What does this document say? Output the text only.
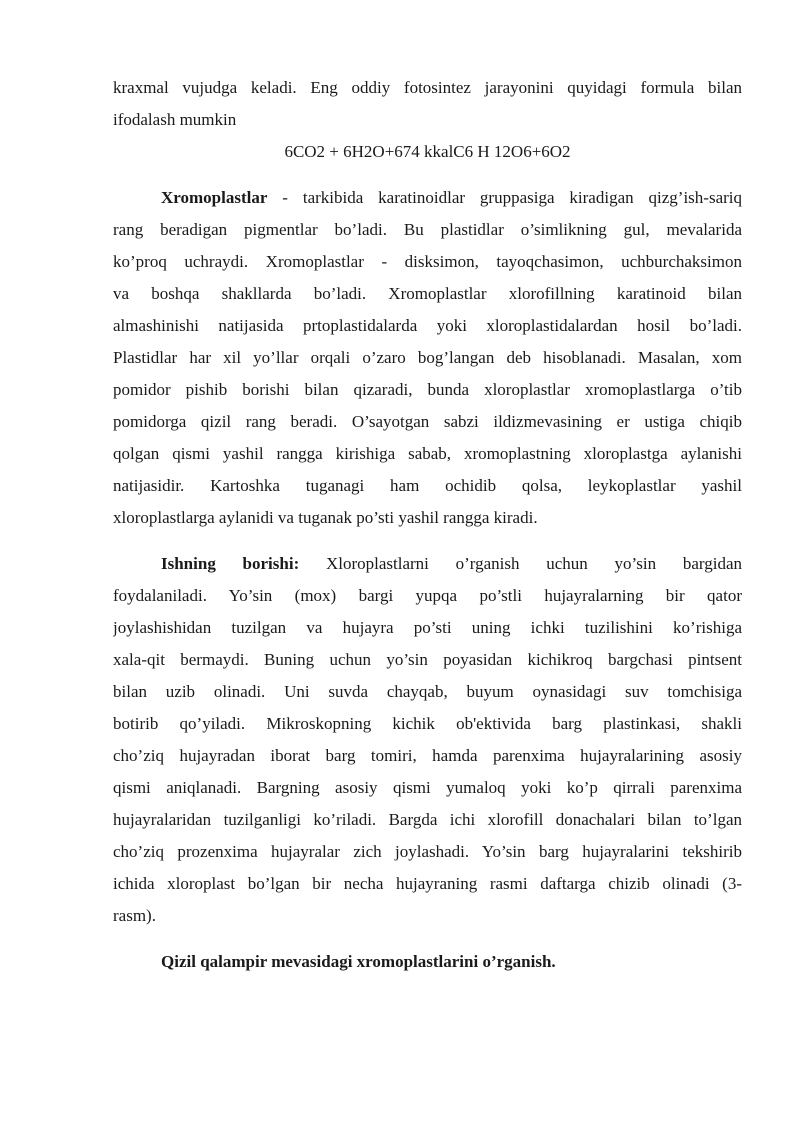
kraxmal vujudga keladi. Eng oddiy fotosintez jarayonini quyidagi formula bilan
ifodalash mumkin
6CO2 + 6H2O+674 kkalC6 H 12O6+6O2
Xromoplastlar - tarkibida karatinoidlar gruppasiga kiradigan qizg’ish-sariq
rang beradigan pigmentlar bo’ladi. Bu plastidlar o’simlikning gul, mevalarida
ko’proq uchraydi. Xromoplastlar - disksimon, tayoqchasimon, uchburchaksimon
va boshqa shakllarda bo’ladi. Xromoplastlar xlorofillning karatinoid bilan
almashinishi natijasida prtoplastidalarda yoki xloroplastidalardan hosil bo’ladi.
Plastidlar har xil yo’llar orqali o’zaro bog’langan deb hisoblanadi. Masalan, xom
pomidor pishib borishi bilan qizaradi, bunda xloroplastlar xromoplastlarga o’tib
pomidorga qizil rang beradi. O’sayotgan sabzi ildizmevasining er ustiga chiqib
qolgan qismi yashil rangga kirishiga sabab, xromoplastning xloroplastga aylanishi
natijasidir. Kartoshka tuganagi ham ochidib qolsa, leykoplastlar yashil
xloroplastlarga aylanidi va tuganak po’sti yashil rangga kiradi.
Ishning borishi: Xloroplastlarni o’rganish uchun yo’sin bargidan
foydalaniladi. Yo’sin (mox) bargi yupqa po’stli hujayralarning bir qator
joylashishidan tuzilgan va hujayra po’sti uning ichki tuzilishini ko’rishiga
xala-qit bermaydi. Buning uchun yo’sin poyasidan kichikroq bargchasi pintsent
bilan uzib olinadi. Uni suvda chayqab, buyum oynasidagi suv tomchisiga
botirib qo’yiladi. Mikroskopning kichik ob'ektivida barg plastinkasi, shakli
cho’ziq hujayradan iborat barg tomiri, hamda parenxima hujayralarining asosiy
qismi aniqlanadi. Bargning asosiy qismi yumaloq yoki ko’p qirrali parenxima
hujayralaridan tuzilganligi ko’riladi. Bargda ichi xlorofill donachalari bilan to’lgan
cho’ziq prozenxima hujayralar zich joylashadi. Yo’sin barg hujayralarini tekshirib
ichida xloroplast bo’lgan bir necha hujayraning rasmi daftarga chizib olinadi (3-
rasm).
Qizil qalampir mevasidagi xromoplastlarini o’rganish.
